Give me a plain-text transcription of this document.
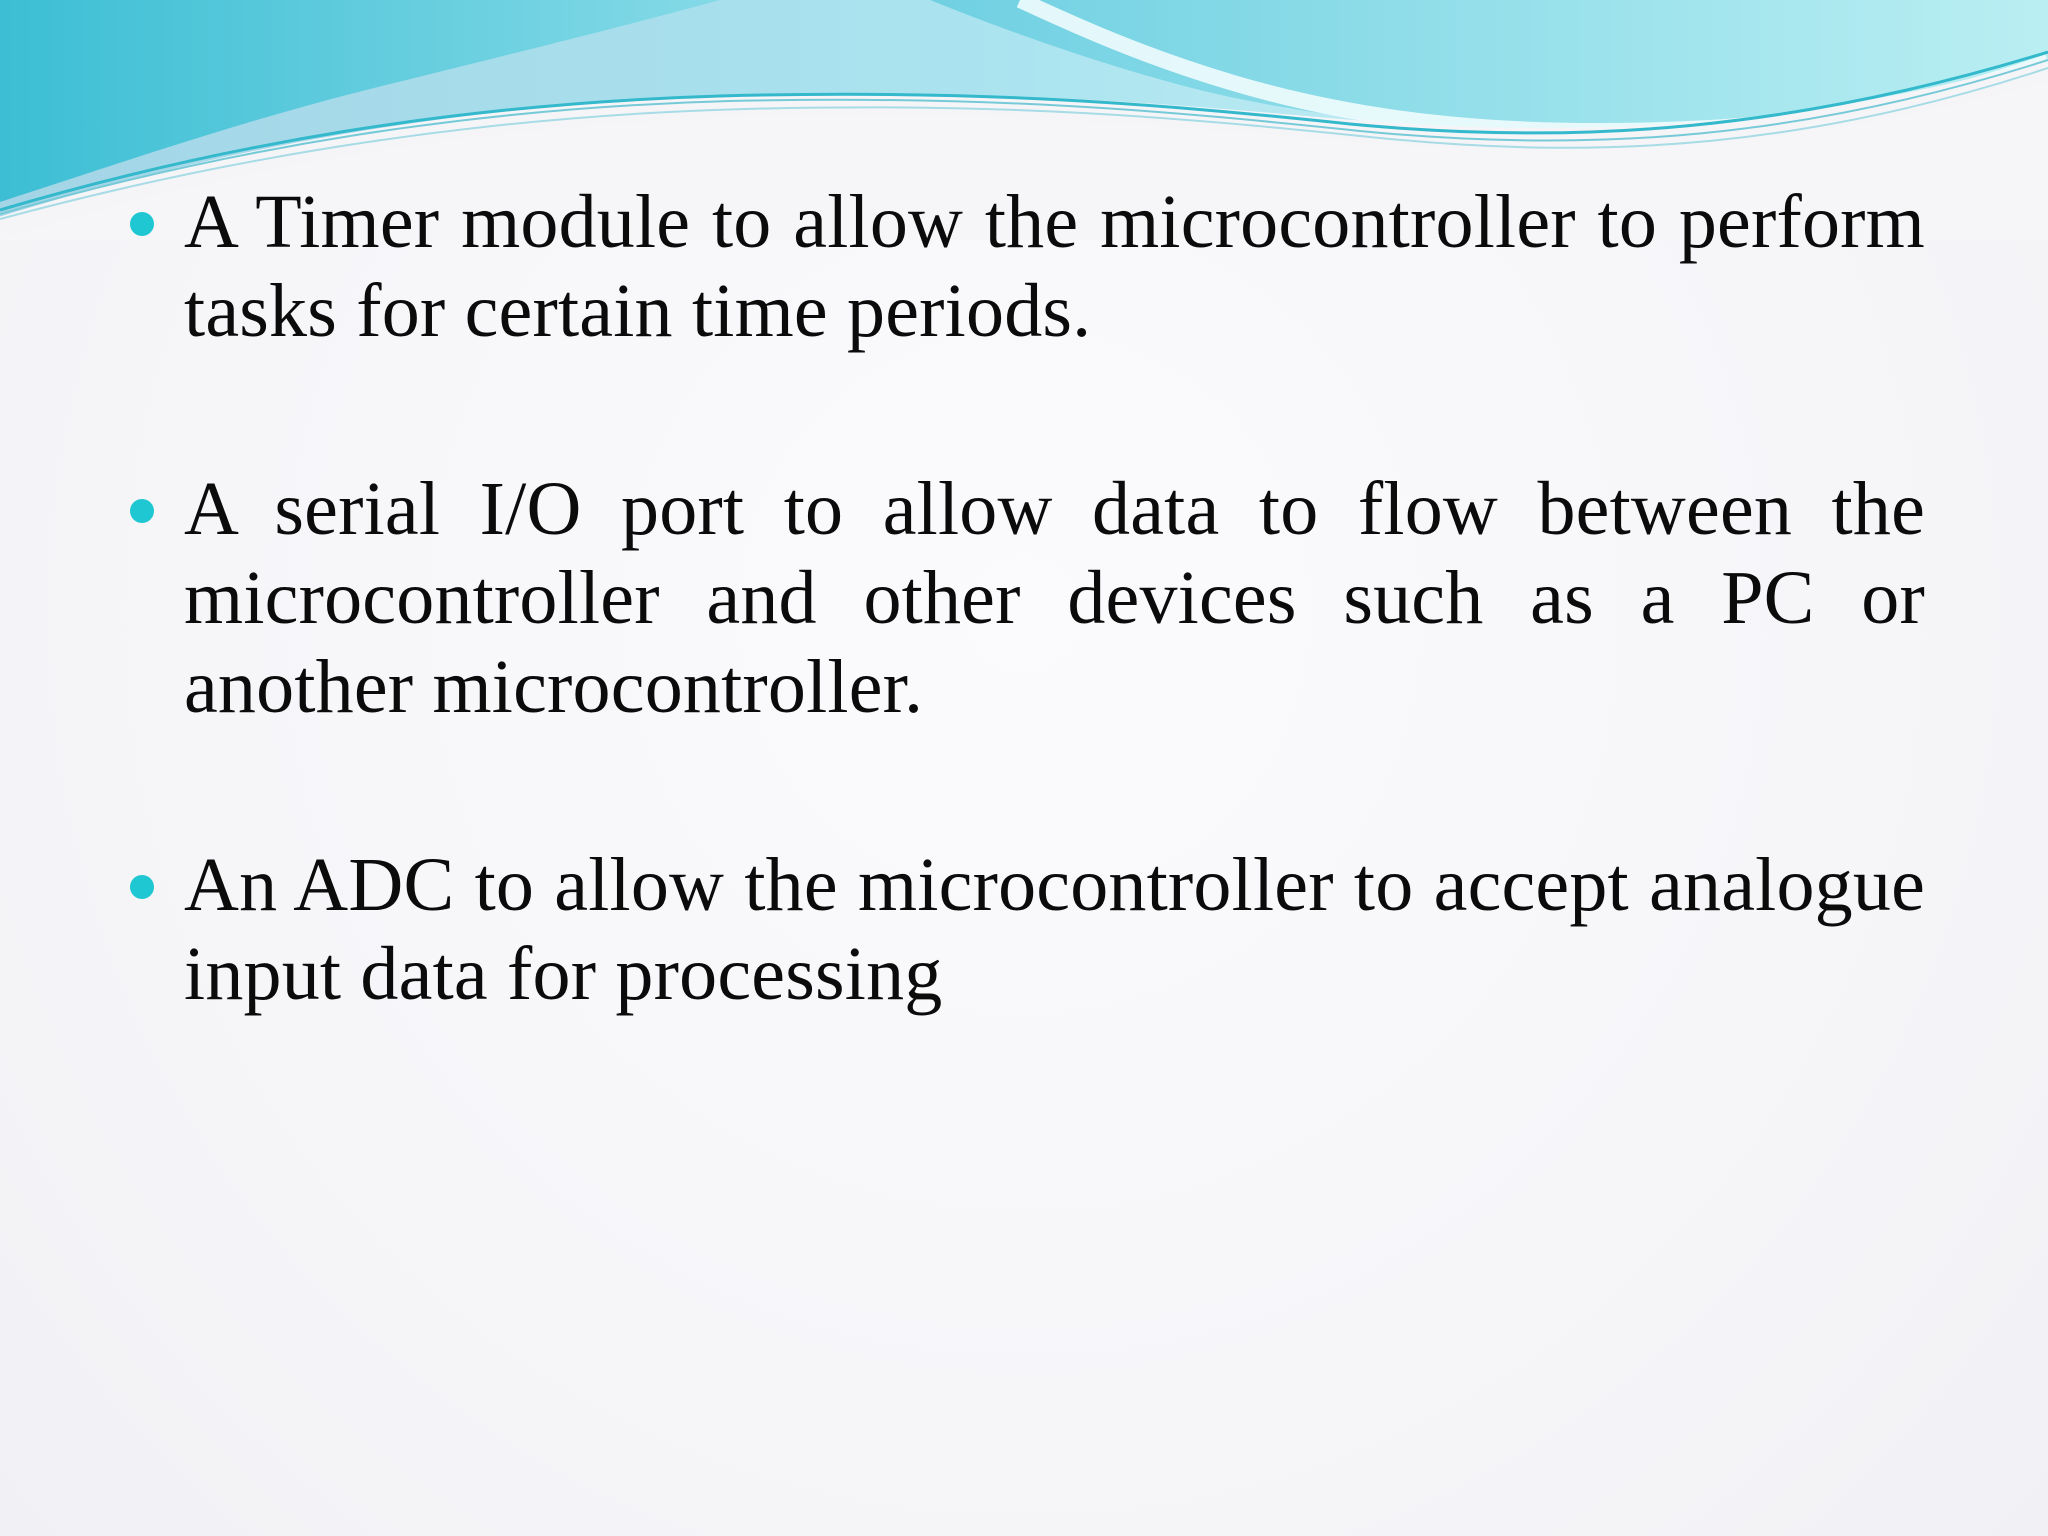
A Timer module to allow the microcontroller to perform tasks for certain time periods.

A serial I/O port to allow data to flow between the microcontroller and other devices such as a PC or another microcontroller.

An ADC to allow the microcontroller to accept analogue input data for processing
